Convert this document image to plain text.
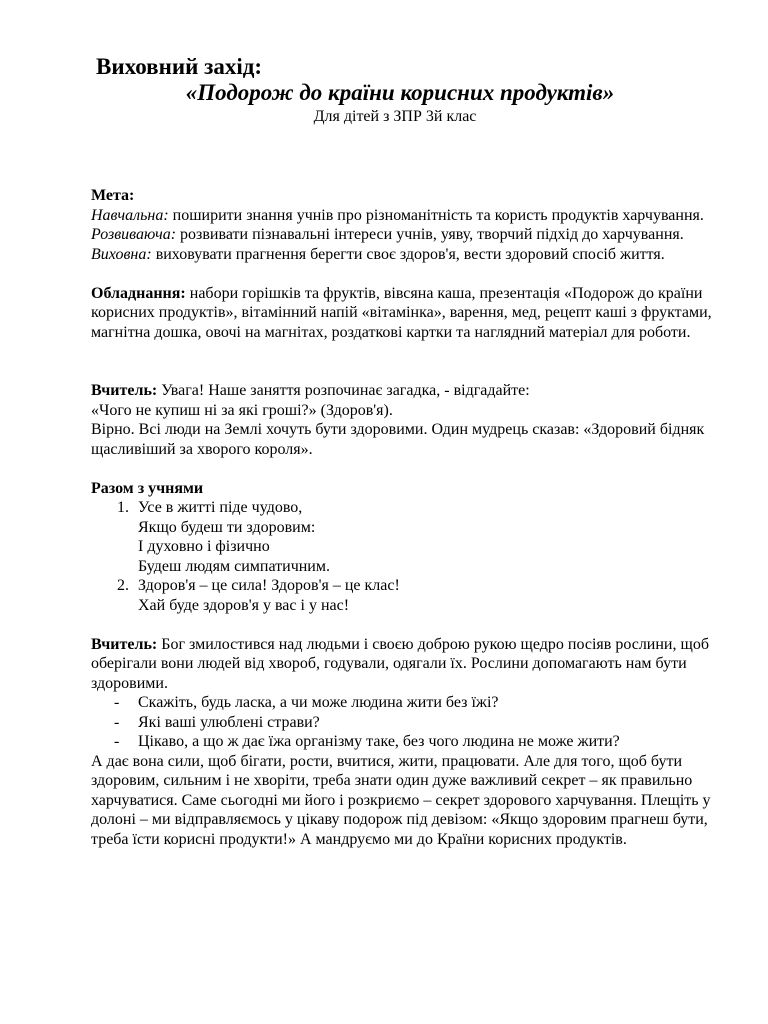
Виховний захід:
«Подорож до країни корисних продуктів»
Для дітей з ЗПР 3й клас

Мета:

Навчальна: поширити знання учнів про різноманітність та користь продуктів харчування.

Розвиваюча: розвивати пізнавальні інтереси учнів, уяву, творчий підхід до харчування.

Виховна: виховувати прагнення берегти своє здоров'я, вести здоровий спосіб життя.

Обладнання: набори горішків та фруктів, вівсяна каша, презентація «Подорож до країни корисних продуктів», вітамінний напій «вітамінка», варення, мед, рецепт каші з фруктами, магнітна дошка, овочі на магнітах, роздаткові картки та наглядний матеріал для роботи.

Вчитель: Увага! Наше заняття розпочинає загадка, - відгадайте:

«Чого не купиш ні за які гроші?» (Здоров'я).

Вірно. Всі люди на Землі хочуть бути здоровими. Один мудрець сказав: «Здоровий бідняк щасливіший за хворого короля».

Разом з учнями

1. Усе в житті піде чудово,

Якщо будеш ти здоровим:

І духовно і фізично

Будеш людям симпатичним.

2. Здоров'я – це сила! Здоров'я – це клас!

Хай буде здоров'я у вас і у нас!

Вчитель: Бог змилостився над людьми і своєю доброю рукою щедро посіяв рослини, щоб оберігали вони людей від хвороб, годували, одягали їх. Рослини допомагають нам бути здоровими.

- Скажіть, будь ласка, а чи може людина жити без їжі?
- Які ваші улюблені страви?
- Цікаво, а що ж дає їжа організму таке, без чого людина не може жити?

А дає вона сили, щоб бігати, рости, вчитися, жити, працювати. Але для того, щоб бути здоровим, сильним і не хворіти, треба знати один дуже важливий секрет – як правильно харчуватися. Саме сьогодні ми його і розкриємо – секрет здорового харчування. Плещіть у долоні – ми відправляємось у цікаву подорож під девізом: «Якщо здоровим прагнеш бути, треба їсти корисні продукти!» А мандруємо ми до Країни корисних продуктів.
